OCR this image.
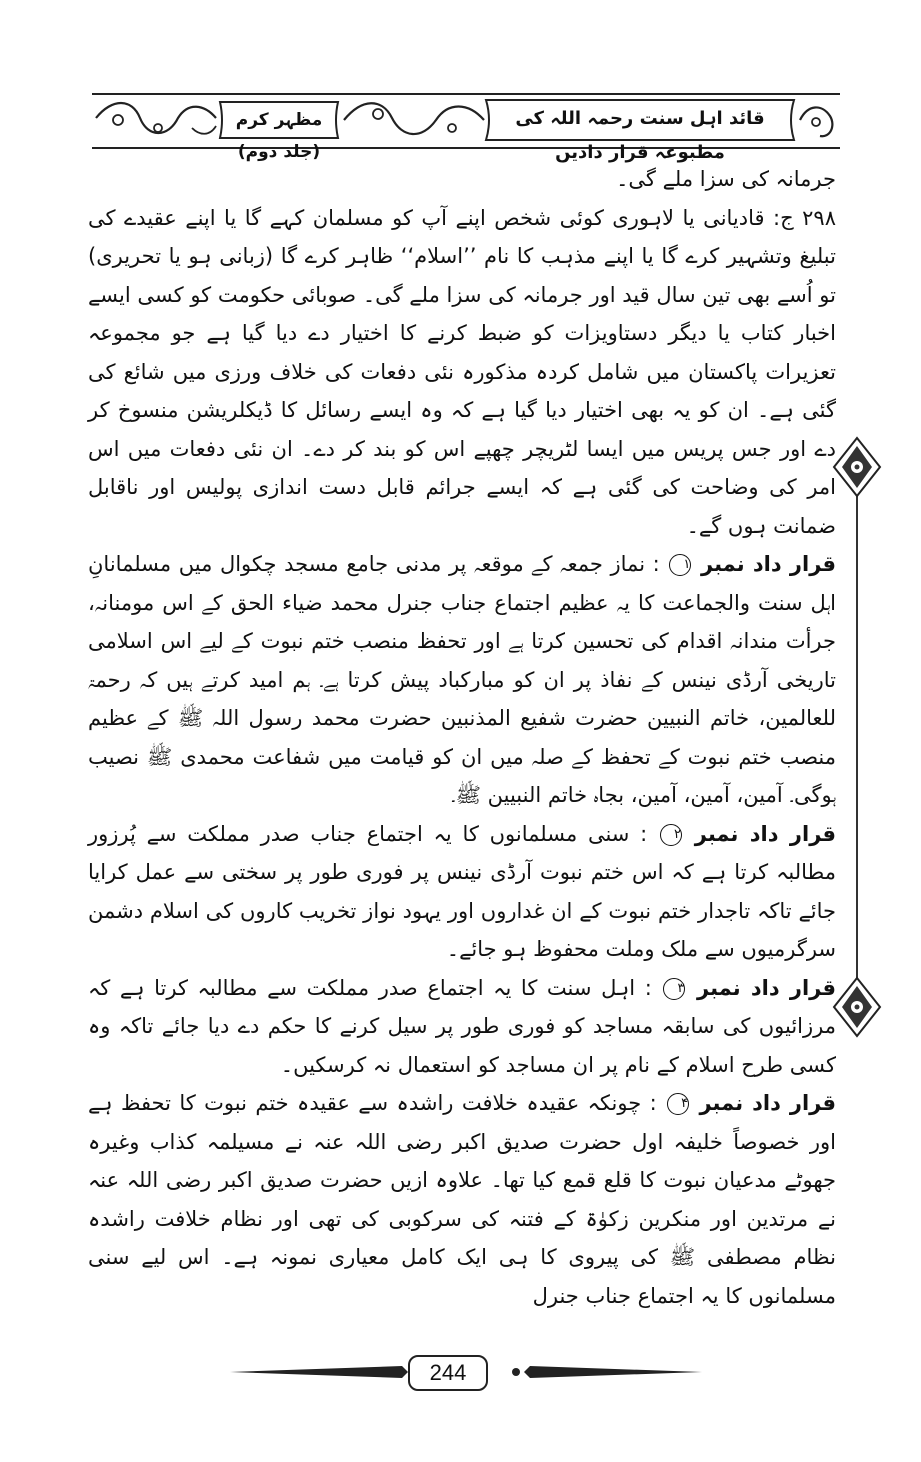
مظہر کرم (جلد دوم)
قائد اہل سنت رحمہ اللہ کی مطبوعہ قرار دادیں

جرمانہ کی سزا ملے گی۔

۲۹۸ ج: قادیانی یا لاہوری کوئی شخص اپنے آپ کو مسلمان کہے گا یا اپنے عقیدے کی تبلیغ وتشہیر کرے گا یا اپنے مذہب کا نام ’’اسلام‘‘ ظاہر کرے گا (زبانی ہو یا تحریری) تو اُسے بھی تین سال قید اور جرمانہ کی سزا ملے گی۔ صوبائی حکومت کو کسی ایسے اخبار کتاب یا دیگر دستاویزات کو ضبط کرنے کا اختیار دے دیا گیا ہے جو مجموعہ تعزیرات پاکستان میں شامل کردہ مذکورہ نئی دفعات کی خلاف ورزی میں شائع کی گئی ہے۔ ان کو یہ بھی اختیار دیا گیا ہے کہ وہ ایسے رسائل کا ڈیکلریشن منسوخ کر دے اور جس پریس میں ایسا لٹریچر چھپے اس کو بند کر دے۔ ان نئی دفعات میں اس امر کی وضاحت کی گئی ہے کہ ایسے جرائم قابل دست اندازی پولیس اور ناقابل ضمانت ہوں گے۔

قرار داد نمبر ۱ : نماز جمعہ کے موقعہ پر مدنی جامع مسجد چکوال میں مسلمانانِ اہل سنت والجماعت کا یہ عظیم اجتماع جناب جنرل محمد ضیاء الحق کے اس مومنانہ، جرأت مندانہ اقدام کی تحسین کرتا ہے اور تحفظ منصب ختم نبوت کے لیے اس اسلامی تاریخی آرڈی نینس کے نفاذ پر ان کو مبارکباد پیش کرتا ہے۔ ہم امید کرتے ہیں کہ رحمۃ للعالمین، خاتم النبیین حضرت شفیع المذنبین حضرت محمد رسول اللہ ﷺ کے عظیم منصب ختم نبوت کے تحفظ کے صلہ میں ان کو قیامت میں شفاعت محمدی ﷺ نصیب ہوگی۔ آمین، آمین، آمین، بجاہ خاتم النبیین ﷺ۔

قرار داد نمبر ۲ : سنی مسلمانوں کا یہ اجتماع جناب صدر مملکت سے پُرزور مطالبہ کرتا ہے کہ اس ختم نبوت آرڈی نینس پر فوری طور پر سختی سے عمل کرایا جائے تاکہ تاجدار ختم نبوت کے ان غداروں اور یہود نواز تخریب کاروں کی اسلام دشمن سرگرمیوں سے ملک وملت محفوظ ہو جائے۔

قرار داد نمبر ۳ : اہل سنت کا یہ اجتماع صدر مملکت سے مطالبہ کرتا ہے کہ مرزائیوں کی سابقہ مساجد کو فوری طور پر سیل کرنے کا حکم دے دیا جائے تاکہ وہ کسی طرح اسلام کے نام پر ان مساجد کو استعمال نہ کرسکیں۔

قرار داد نمبر ۴ : چونکہ عقیدہ خلافت راشدہ سے عقیدہ ختم نبوت کا تحفظ ہے اور خصوصاً خلیفہ اول حضرت صدیق اکبر رضی اللہ عنہ نے مسیلمہ کذاب وغیرہ جھوٹے مدعیان نبوت کا قلع قمع کیا تھا۔ علاوہ ازیں حضرت صدیق اکبر رضی اللہ عنہ نے مرتدین اور منکرین زکوٰۃ کے فتنہ کی سرکوبی کی تھی اور نظام خلافت راشدہ نظام مصطفی ﷺ کی پیروی کا ہی ایک کامل معیاری نمونہ ہے۔ اس لیے سنی مسلمانوں کا یہ اجتماع جناب جنرل

244
